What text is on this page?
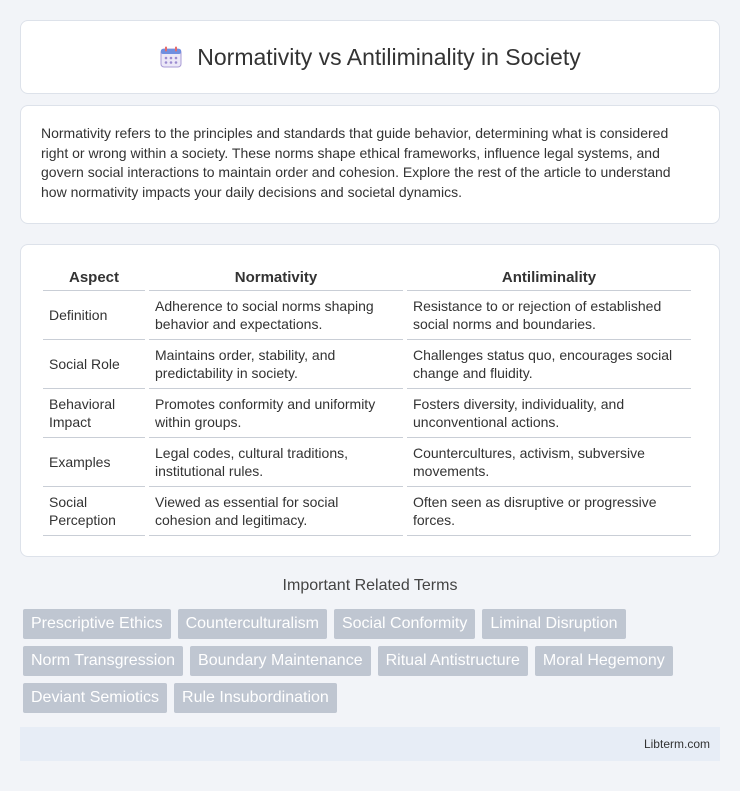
Normativity vs Antiliminality in Society

Normativity refers to the principles and standards that guide behavior, determining what is considered right or wrong within a society. These norms shape ethical frameworks, influence legal systems, and govern social interactions to maintain order and cohesion. Explore the rest of the article to understand how normativity impacts your daily decisions and societal dynamics.

Aspect	Normativity	Antiliminality
Definition	Adherence to social norms shaping behavior and expectations.	Resistance to or rejection of established social norms and boundaries.
Social Role	Maintains order, stability, and predictability in society.	Challenges status quo, encourages social change and fluidity.
Behavioral Impact	Promotes conformity and uniformity within groups.	Fosters diversity, individuality, and unconventional actions.
Examples	Legal codes, cultural traditions, institutional rules.	Countercultures, activism, subversive movements.
Social Perception	Viewed as essential for social cohesion and legitimacy.	Often seen as disruptive or progressive forces.
Important Related Terms
Prescriptive Ethics	Counterculturalism	Social Conformity	Liminal Disruption
Norm Transgression	Boundary Maintenance	Ritual Antistructure	Moral Hegemony
Deviant Semiotics	Rule Insubordination
Libterm.com
